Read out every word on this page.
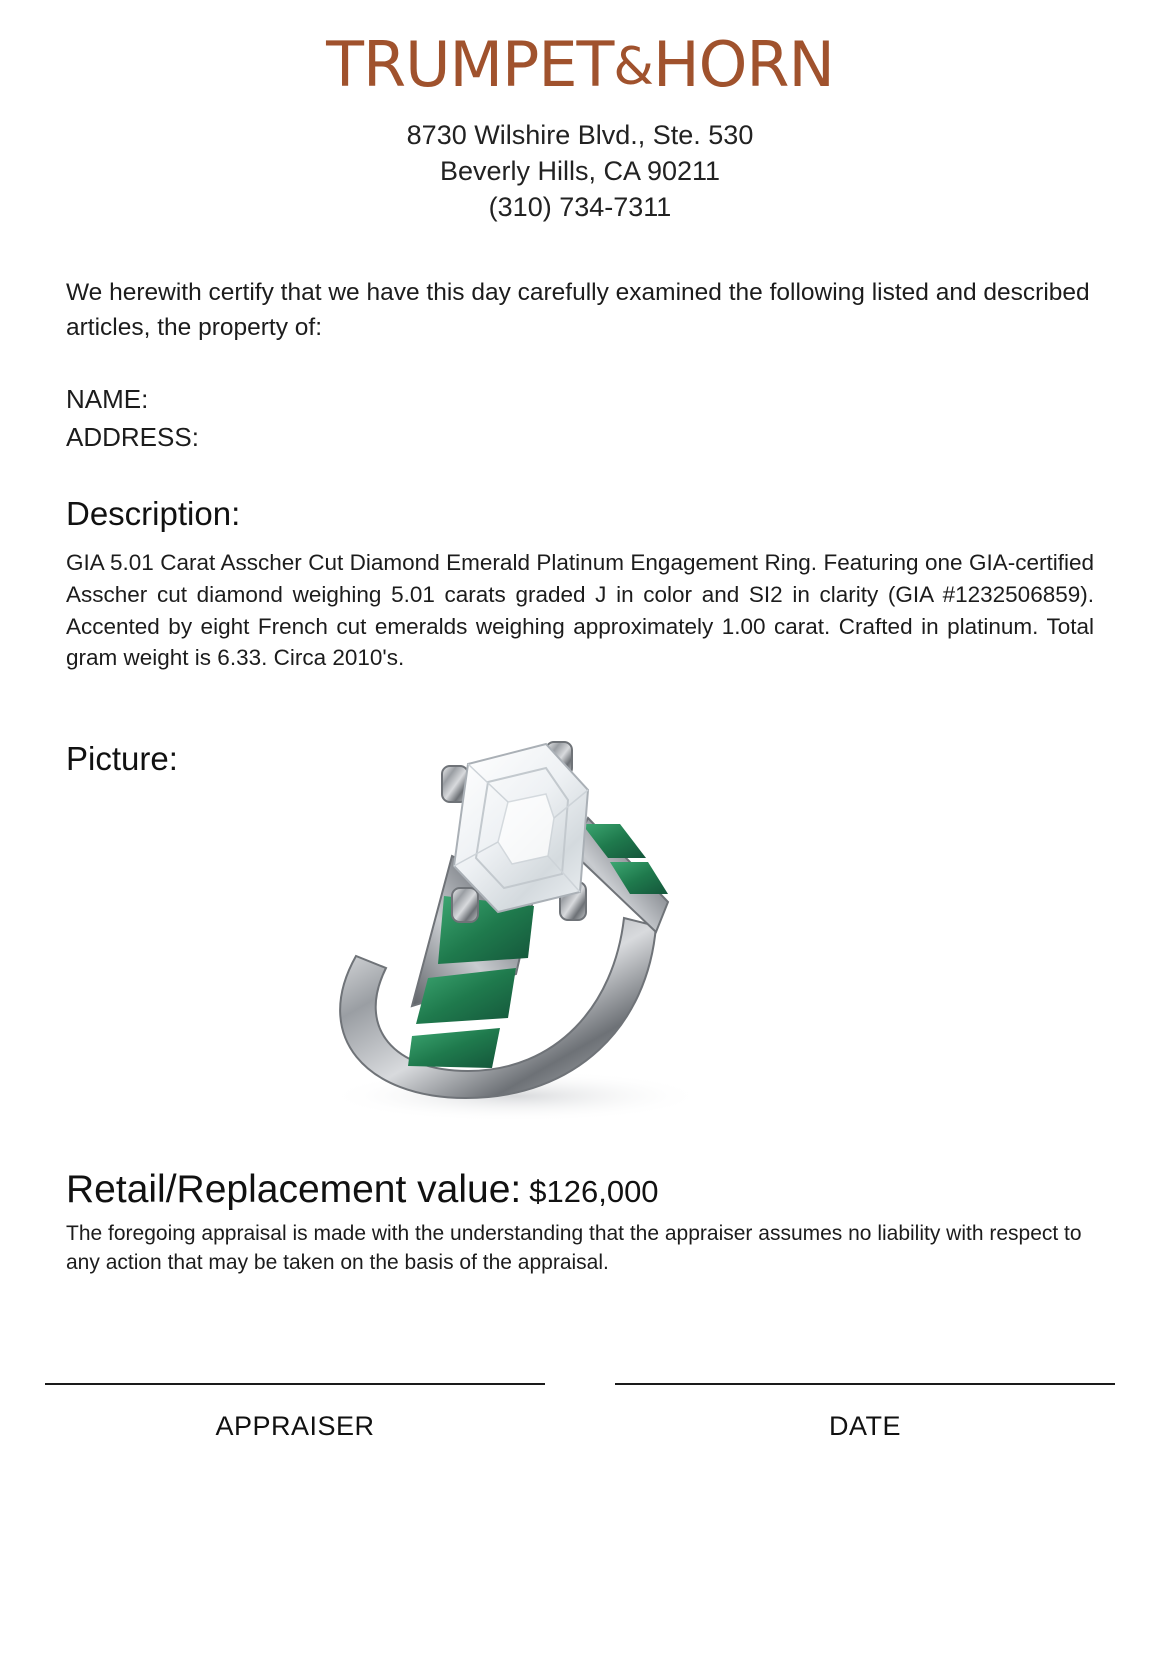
TRUMPET&HORN
8730 Wilshire Blvd., Ste. 530
Beverly Hills, CA 90211
(310) 734-7311
We herewith certify that we have this day carefully examined the following listed and described articles, the property of:
NAME:
ADDRESS:
Description:
GIA 5.01 Carat Asscher Cut Diamond Emerald Platinum Engagement Ring. Featuring one GIA-certified Asscher cut diamond weighing 5.01 carats graded J in color and SI2 in clarity (GIA #1232506859). Accented by eight French cut emeralds weighing approximately 1.00 carat. Crafted in platinum. Total gram weight is 6.33. Circa 2010's.
Picture:
Retail/Replacement value: $126,000
The foregoing appraisal is made with the understanding that the appraiser assumes no liability with respect to any action that may be taken on the basis of the appraisal.
APPRAISER	DATE
